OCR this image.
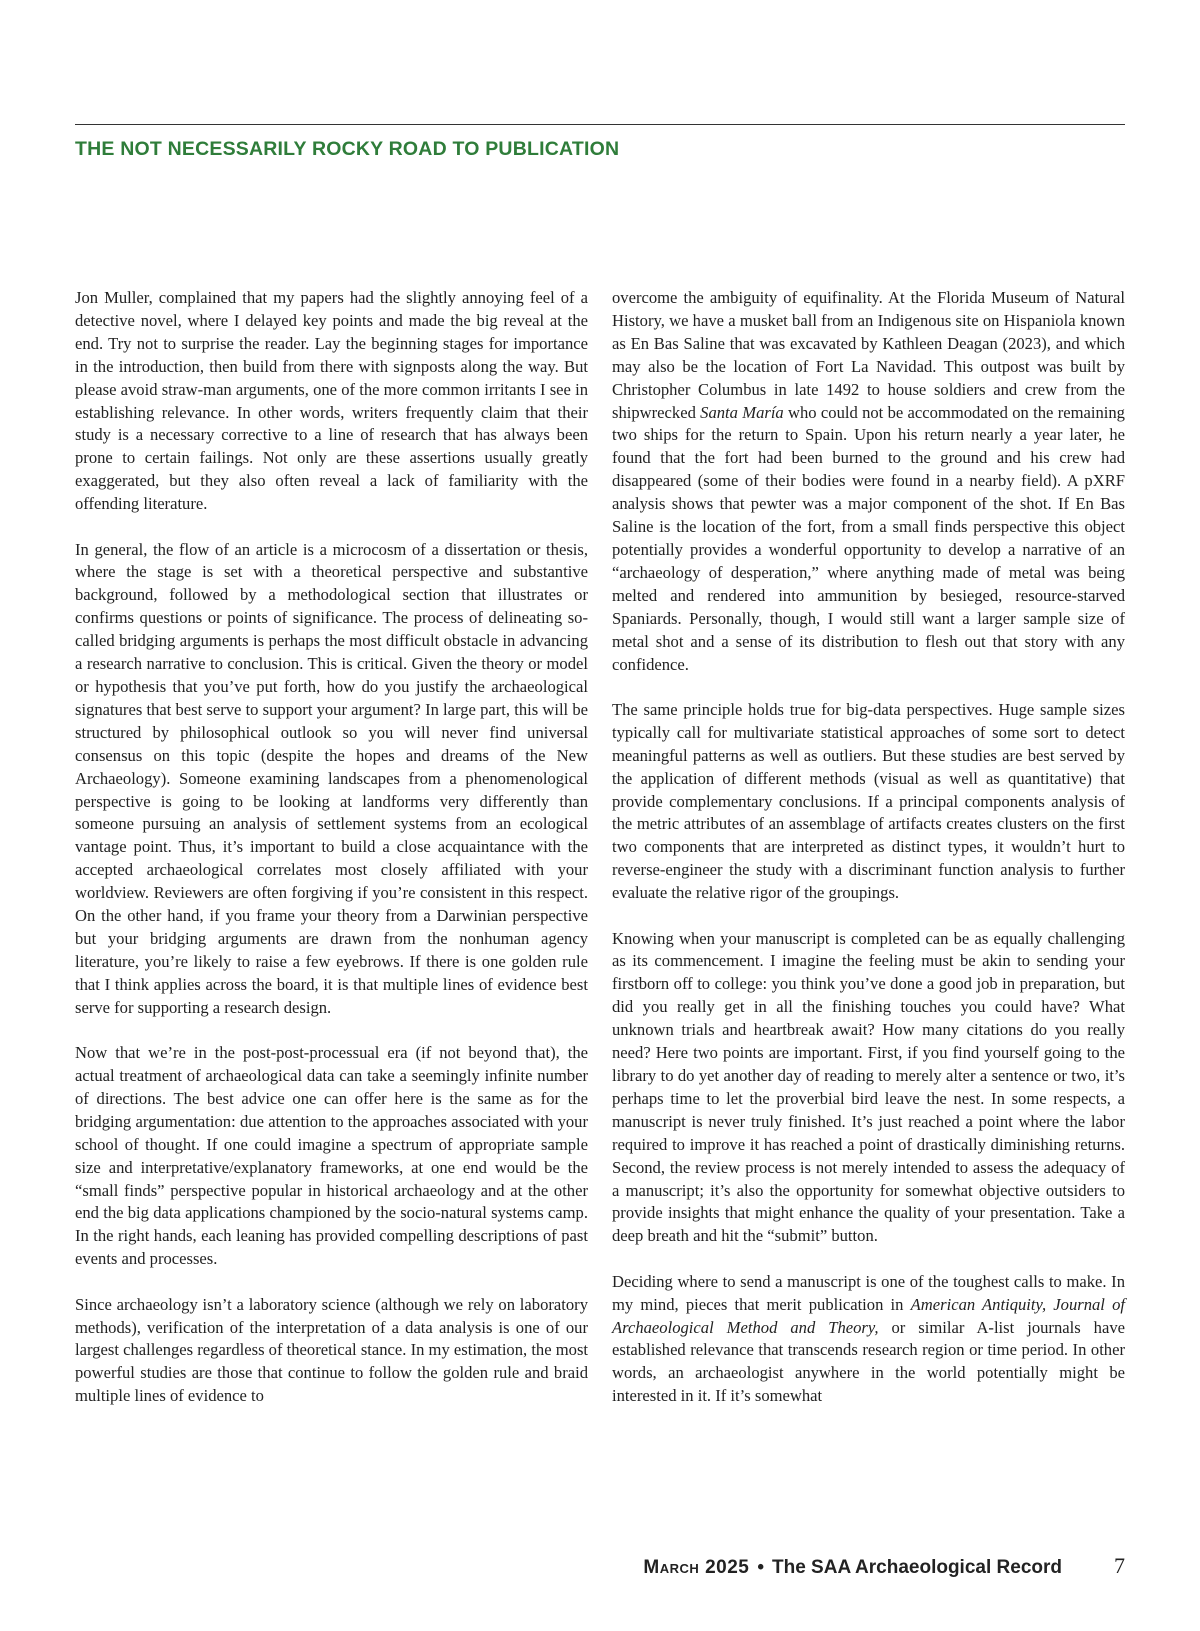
THE NOT NECESSARILY ROCKY ROAD TO PUBLICATION

Jon Muller, complained that my papers had the slightly annoying feel of a detective novel, where I delayed key points and made the big reveal at the end. Try not to surprise the reader. Lay the beginning stages for importance in the introduction, then build from there with signposts along the way. But please avoid straw-man arguments, one of the more common irritants I see in establishing relevance. In other words, writers frequently claim that their study is a necessary corrective to a line of research that has always been prone to certain failings. Not only are these assertions usually greatly exaggerated, but they also often reveal a lack of familiarity with the offending literature.

In general, the flow of an article is a microcosm of a dissertation or thesis, where the stage is set with a theoretical perspective and substantive background, followed by a methodological section that illustrates or confirms questions or points of significance. The process of delineating so-called bridging arguments is perhaps the most difficult obstacle in advancing a research narrative to conclusion. This is critical. Given the theory or model or hypothesis that you’ve put forth, how do you justify the archaeological signatures that best serve to support your argument? In large part, this will be structured by philosophical outlook so you will never find universal consensus on this topic (despite the hopes and dreams of the New Archaeology). Someone examining landscapes from a phenomenological perspective is going to be looking at landforms very differently than someone pursuing an analysis of settlement systems from an ecological vantage point. Thus, it’s important to build a close acquaintance with the accepted archaeological correlates most closely affiliated with your worldview. Reviewers are often forgiving if you’re consistent in this respect. On the other hand, if you frame your theory from a Darwinian perspective but your bridging arguments are drawn from the nonhuman agency literature, you’re likely to raise a few eyebrows. If there is one golden rule that I think applies across the board, it is that multiple lines of evidence best serve for supporting a research design.

Now that we’re in the post-post-processual era (if not beyond that), the actual treatment of archaeological data can take a seemingly infinite number of directions. The best advice one can offer here is the same as for the bridging argumentation: due attention to the approaches associated with your school of thought. If one could imagine a spectrum of appropriate sample size and interpretative/explanatory frameworks, at one end would be the “small finds” perspective popular in historical archaeology and at the other end the big data applications championed by the socio-natural systems camp. In the right hands, each leaning has provided compelling descriptions of past events and processes.

Since archaeology isn’t a laboratory science (although we rely on laboratory methods), verification of the interpretation of a data analysis is one of our largest challenges regardless of theoretical stance. In my estimation, the most powerful studies are those that continue to follow the golden rule and braid multiple lines of evidence to

overcome the ambiguity of equifinality. At the Florida Museum of Natural History, we have a musket ball from an Indigenous site on Hispaniola known as En Bas Saline that was excavated by Kathleen Deagan (2023), and which may also be the location of Fort La Navidad. This outpost was built by Christopher Columbus in late 1492 to house soldiers and crew from the shipwrecked Santa María who could not be accommodated on the remaining two ships for the return to Spain. Upon his return nearly a year later, he found that the fort had been burned to the ground and his crew had disappeared (some of their bodies were found in a nearby field). A pXRF analysis shows that pewter was a major component of the shot. If En Bas Saline is the location of the fort, from a small finds perspective this object potentially provides a wonderful opportunity to develop a narrative of an “archaeology of desperation,” where anything made of metal was being melted and rendered into ammunition by besieged, resource-starved Spaniards. Personally, though, I would still want a larger sample size of metal shot and a sense of its distribution to flesh out that story with any confidence.

The same principle holds true for big-data perspectives. Huge sample sizes typically call for multivariate statistical approaches of some sort to detect meaningful patterns as well as outliers. But these studies are best served by the application of different methods (visual as well as quantitative) that provide complementary conclusions. If a principal components analysis of the metric attributes of an assemblage of artifacts creates clusters on the first two components that are interpreted as distinct types, it wouldn’t hurt to reverse-engineer the study with a discriminant function analysis to further evaluate the relative rigor of the groupings.

Knowing when your manuscript is completed can be as equally challenging as its commencement. I imagine the feeling must be akin to sending your firstborn off to college: you think you’ve done a good job in preparation, but did you really get in all the finishing touches you could have? What unknown trials and heartbreak await? How many citations do you really need? Here two points are important. First, if you find yourself going to the library to do yet another day of reading to merely alter a sentence or two, it’s perhaps time to let the proverbial bird leave the nest. In some respects, a manuscript is never truly finished. It’s just reached a point where the labor required to improve it has reached a point of drastically diminishing returns. Second, the review process is not merely intended to assess the adequacy of a manuscript; it’s also the opportunity for somewhat objective outsiders to provide insights that might enhance the quality of your presentation. Take a deep breath and hit the “submit” button.

Deciding where to send a manuscript is one of the toughest calls to make. In my mind, pieces that merit publication in American Antiquity, Journal of Archaeological Method and Theory, or similar A-list journals have established relevance that transcends research region or time period. In other words, an archaeologist anywhere in the world potentially might be interested in it. If it’s somewhat

March 2025 • The SAA Archaeological Record 7
